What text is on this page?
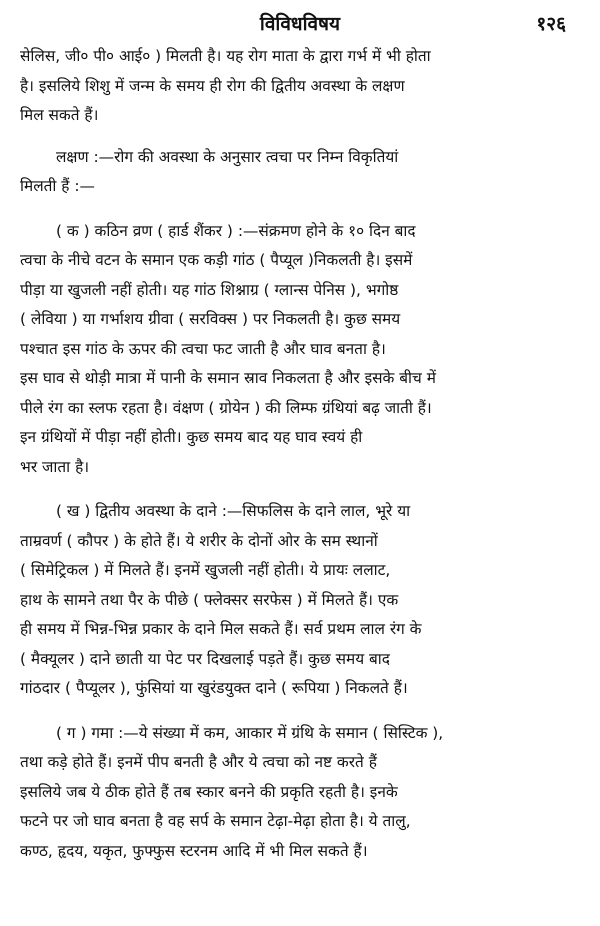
विविधविषय	१२६
सेलिस, जी० पी० आई० ) मिलती है। यह रोग माता के द्वारा गर्भ में भी होता
है। इसलिये शिशु में जन्म के समय ही रोग की द्वितीय अवस्था के लक्षण
मिल सकते हैं।
लक्षण :—रोग की अवस्था के अनुसार त्वचा पर निम्न विकृतियां
मिलती हैं :—
( क ) कठिन व्रण ( हार्ड शैंकर ) :—संक्रमण होने के १० दिन बाद
त्वचा के नीचे वटन के समान एक कड़ी गांठ ( पैप्यूल )निकलती है। इसमें
पीड़ा या खुजली नहीं होती। यह गांठ शिश्नाग्र ( ग्लान्स पेनिस ), भगोष्ठ
( लेविया ) या गर्भाशय ग्रीवा ( सरविक्स ) पर निकलती है। कुछ समय
पश्चात इस गांठ के ऊपर की त्वचा फट जाती है और घाव बनता है।
इस घाव से थोड़ी मात्रा में पानी के समान स्राव निकलता है और इसके बीच में
पीले रंग का स्लफ रहता है। वंक्षण ( ग्रोयेन ) की लिम्फ ग्रंथियां बढ़ जाती हैं।
इन ग्रंथियों में पीड़ा नहीं होती। कुछ समय बाद यह घाव स्वयं ही
भर जाता है।
( ख ) द्वितीय अवस्था के दाने :—सिफलिस के दाने लाल, भूरे या
ताम्रवर्ण ( कौपर ) के होते हैं। ये शरीर के दोनों ओर के सम स्थानों
( सिमेट्रिकल ) में मिलते हैं। इनमें खुजली नहीं होती। ये प्रायः ललाट,
हाथ के सामने तथा पैर के पीछे ( फ्लेक्सर सरफेस ) में मिलते हैं। एक
ही समय में भिन्न-भिन्न प्रकार के दाने मिल सकते हैं। सर्व प्रथम लाल रंग के
( मैक्यूलर ) दाने छाती या पेट पर दिखलाई पड़ते हैं। कुछ समय बाद
गांठदार ( पैप्यूलर ), फुंसियां या खुरंडयुक्त दाने ( रूपिया ) निकलते हैं।
( ग ) गमा :—ये संख्या में कम, आकार में ग्रंथि के समान ( सिस्टिक ),
तथा कड़े होते हैं। इनमें पीप बनती है और ये त्वचा को नष्ट करते हैं
इसलिये जब ये ठीक होते हैं तब स्कार बनने की प्रकृति रहती है। इनके
फटने पर जो घाव बनता है वह सर्प के समान टेढ़ा-मेढ़ा होता है। ये तालु,
कण्ठ, हृदय, यकृत, फुफ्फुस स्टरनम आदि में भी मिल सकते हैं।
